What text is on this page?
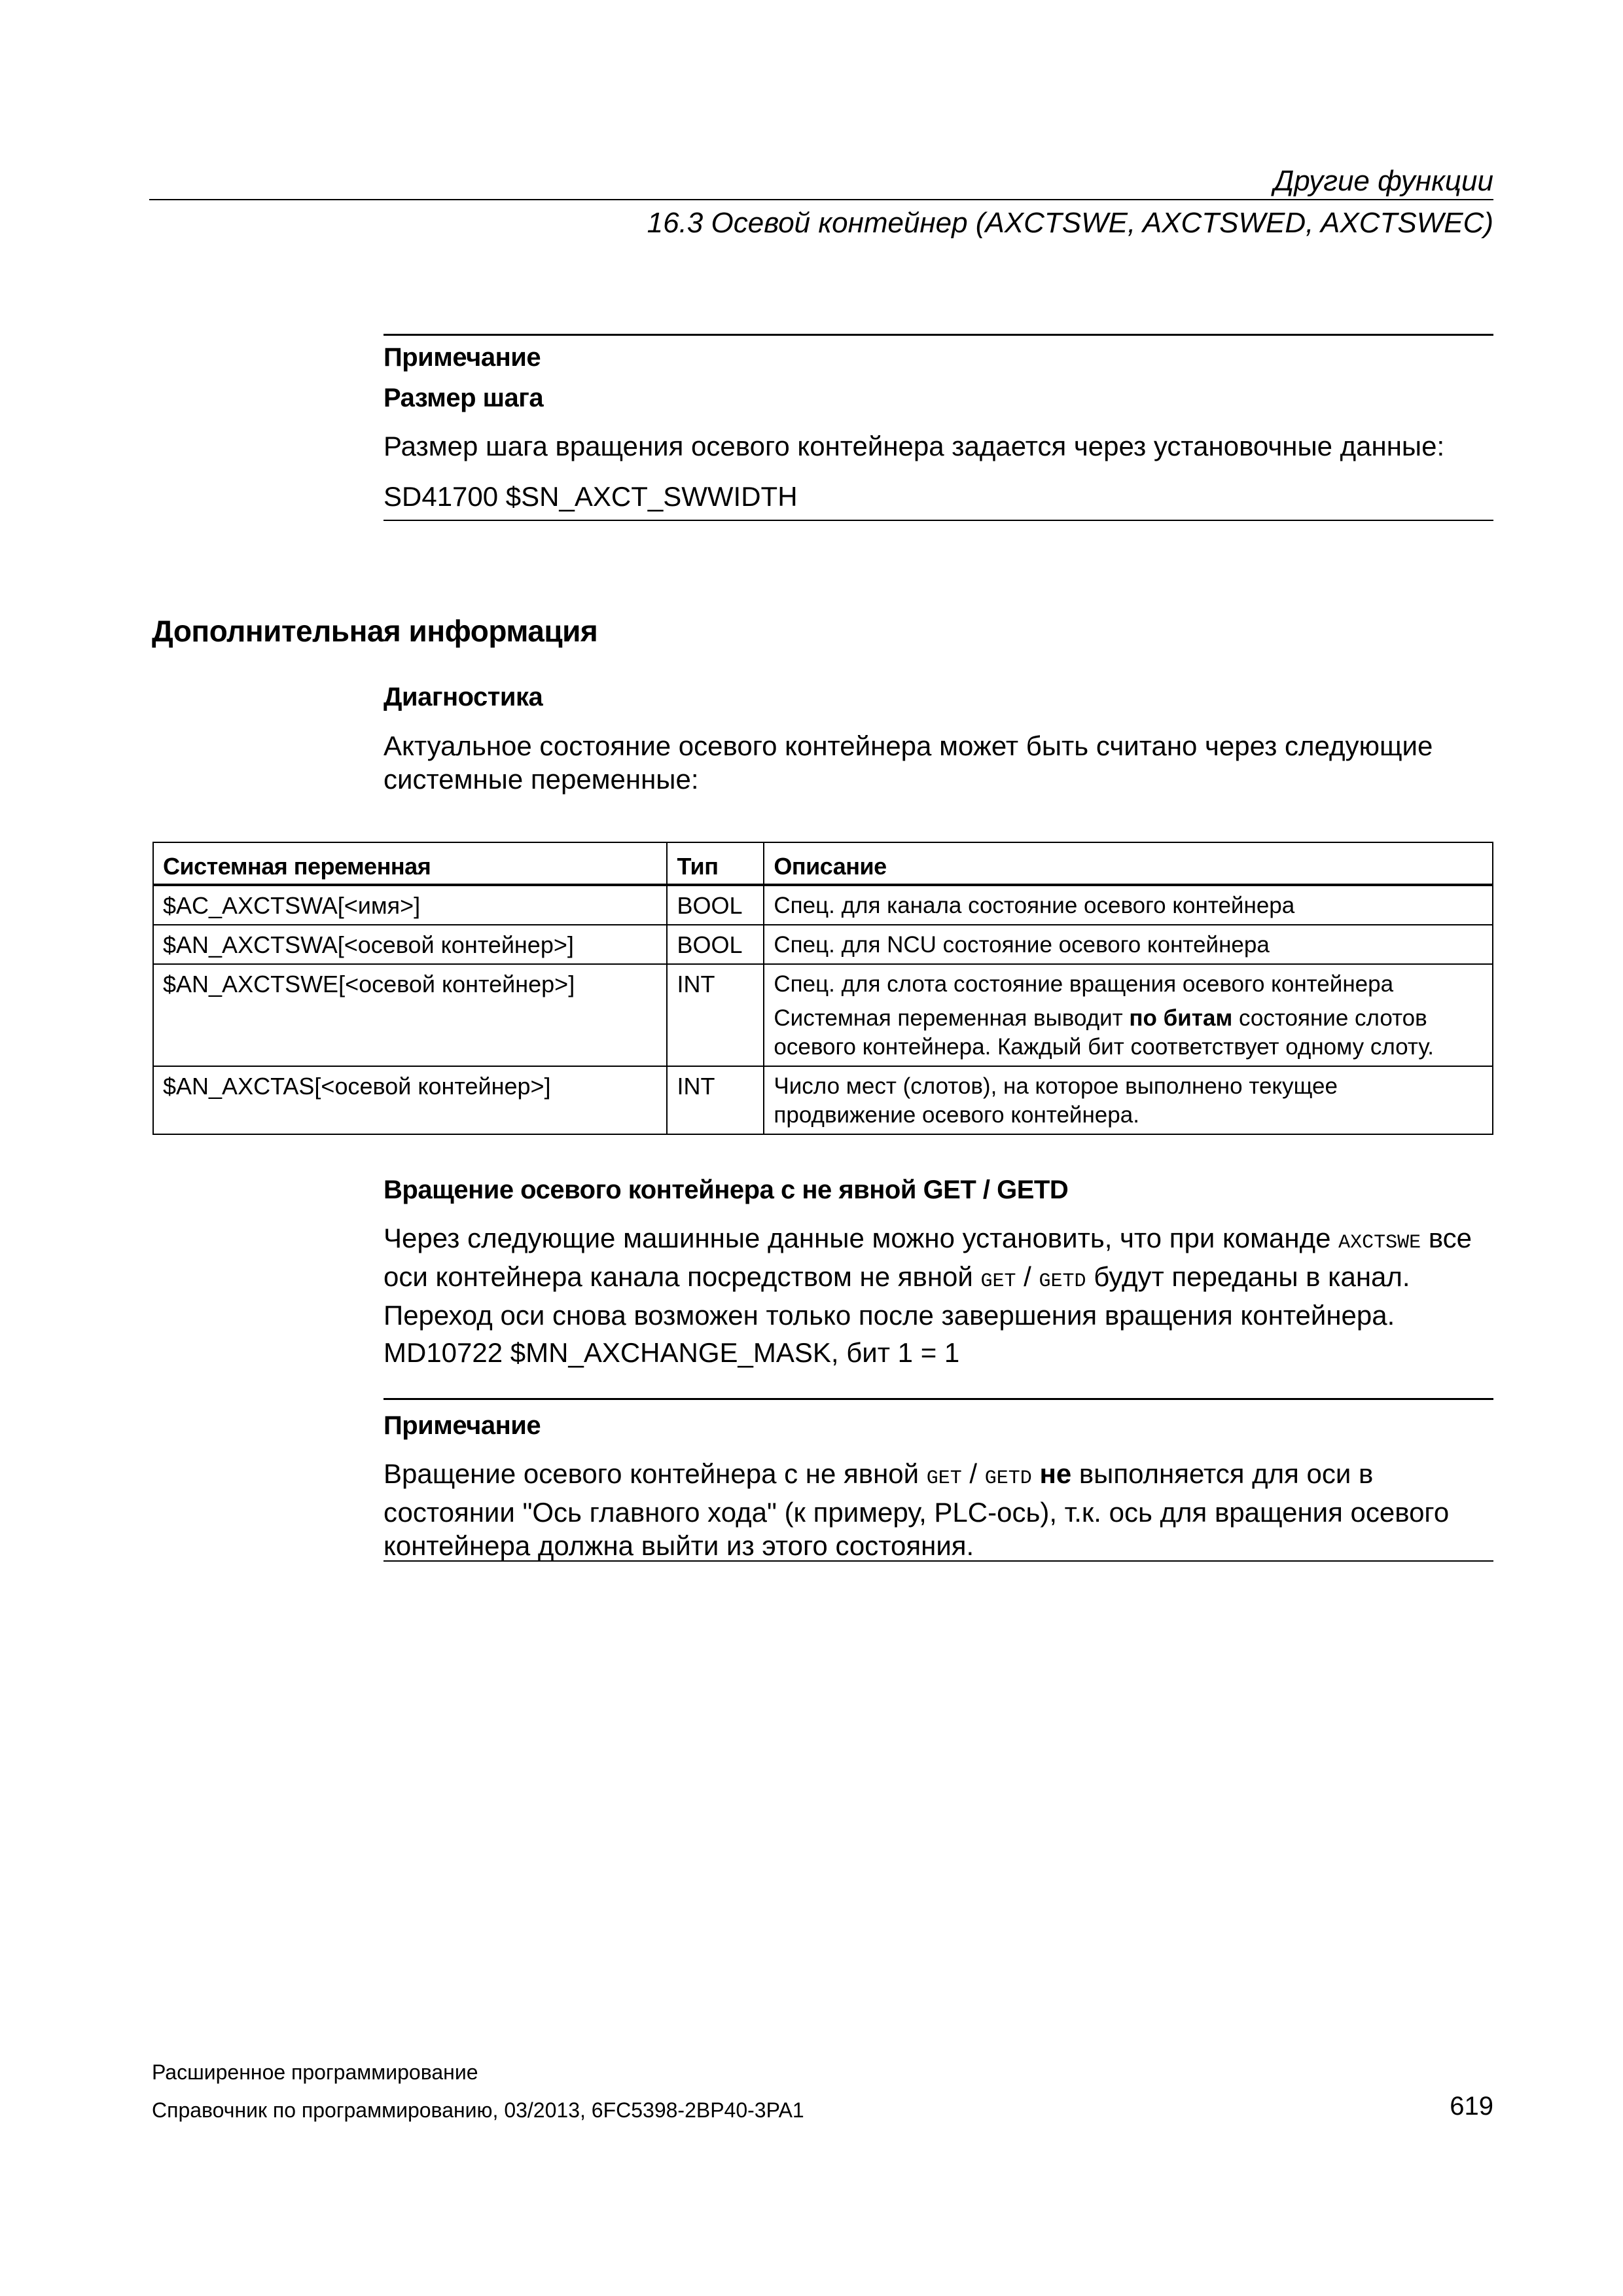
Другие функции
16.3 Осевой контейнер (AXCTSWE, AXCTSWED, AXCTSWEC)
Примечание
Размер шага
Размер шага вращения осевого контейнера задается через установочные данные:
SD41700 $SN_AXCT_SWWIDTH
Дополнительная информация
Диагностика
Актуальное состояние осевого контейнера может быть считано через следующие системные переменные:
Системная переменная	Тип	Описание
$AC_AXCTSWA[<имя>]	BOOL	Спец. для канала состояние осевого контейнера

$AN_AXCTSWA[<осевой контейнер>]	BOOL	Спец. для NCU состояние осевого контейнера

$AN_AXCTSWE[<осевой контейнер>]	INT	Спец. для слота состояние вращения осевого контейнера

Системная переменная выводит по битам состояние слотов осевого контейнера. Каждый бит соответствует одному слоту.

$AN_AXCTAS[<осевой контейнер>]	INT	Число мест (слотов), на которое выполнено текущее продвижение осевого контейнера.

Вращение осевого контейнера с не явной GET / GETD
Через следующие машинные данные можно установить, что при команде AXCTSWE все оси контейнера канала посредством не явной GET / GETD будут переданы в канал. Переход оси снова возможен только после завершения вращения контейнера.
MD10722 $MN_AXCHANGE_MASK, бит 1 = 1
Примечание
Вращение осевого контейнера с не явной GET / GETD не выполняется для оси в состоянии "Ось главного хода" (к примеру, PLC-ось), т.к. ось для вращения осевого контейнера должна выйти из этого состояния.
Расширенное программирование
Справочник по программированию, 03/2013, 6FC5398-2BP40-3PA1	619
